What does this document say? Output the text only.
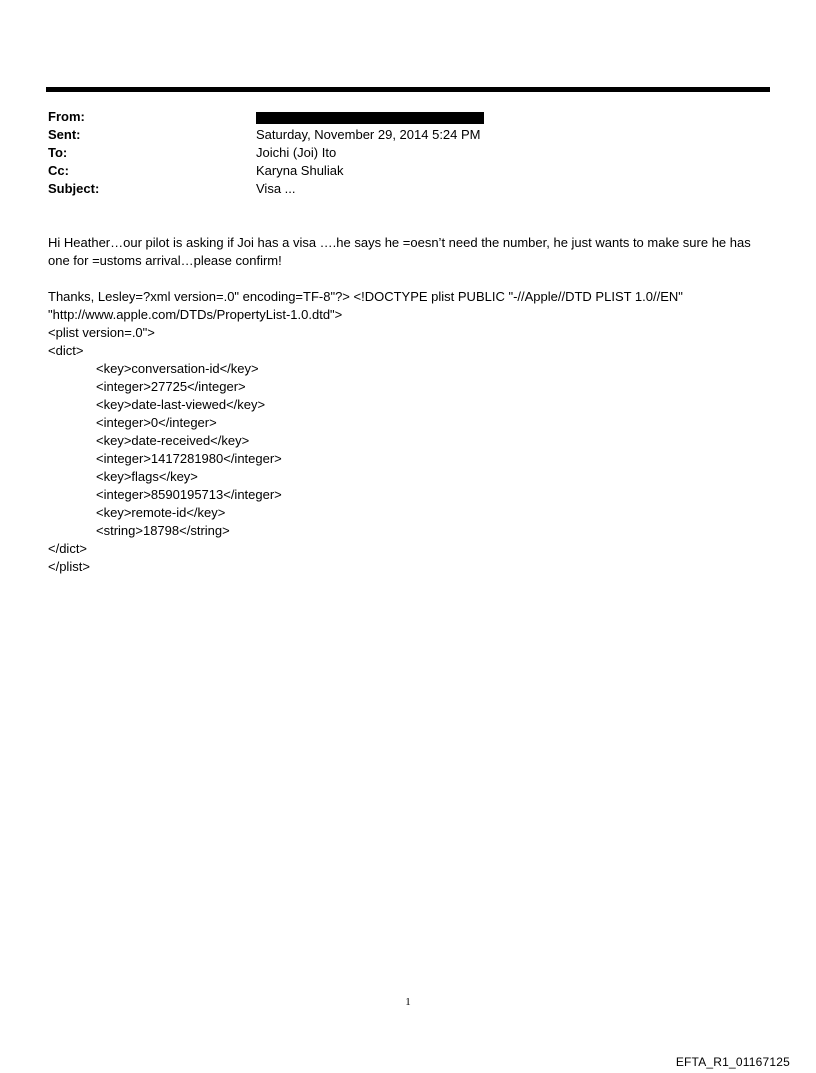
From:
Sent:	Saturday, November 29, 2014 5:24 PM
To:	Joichi (Joi) Ito
Cc:	Karyna Shuliak
Subject:	Visa ...

Hi Heather…our pilot is asking if Joi has a visa ….he says he =oesn’t need the number, he just wants to make sure he has

one for =ustoms arrival…please confirm!

Thanks, Lesley=?xml version=.0" encoding=TF-8"?> <!DOCTYPE plist PUBLIC "-//Apple//DTD PLIST 1.0//EN"

"http://www.apple.com/DTDs/PropertyList-1.0.dtd">

<plist version=.0">

<dict>

<key>conversation-id</key>

<integer>27725</integer>

<key>date-last-viewed</key>

<integer>0</integer>

<key>date-received</key>

<integer>1417281980</integer>

<key>flags</key>

<integer>8590195713</integer>

<key>remote-id</key>

<string>18798</string>

</dict>

</plist>

1
EFTA_R1_01167125
